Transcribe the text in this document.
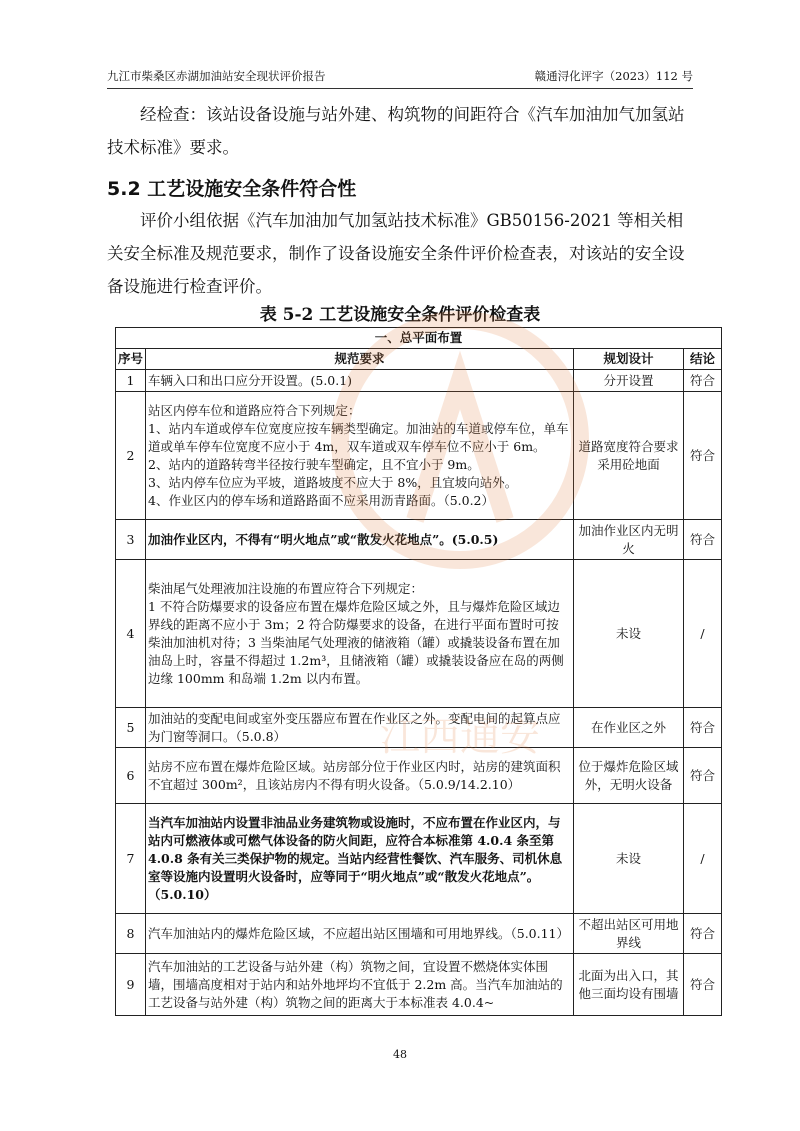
九江市柴桑区赤湖加油站安全现状评价报告	赣通浔化评字（2023）112 号
经检查：该站设备设施与站外建、构筑物的间距符合《汽车加油加气加氢站技术标准》要求。
5.2 工艺设施安全条件符合性
评价小组依据《汽车加油加气加氢站技术标准》GB50156-2021 等相关相关安全标准及规范要求，制作了设备设施安全条件评价检查表，对该站的安全设备设施进行检查评价。
表 5-2 工艺设施安全条件评价检查表
一、总平面布置			
序号	规范要求	规划设计	结论
1	车辆入口和出口应分开设置。(5.0.1)	分开设置	符合
2	站区内停车位和道路应符合下列规定：
1、站内车道或停车位宽度应按车辆类型确定。加油站的车道或停车位，单车道或单车停车位宽度不应小于 4m，双车道或双车停车位不应小于 6m。
2、站内的道路转弯半径按行驶车型确定，且不宜小于 9m。
3、站内停车位应为平坡，道路坡度不应大于 8%，且宜坡向站外。
4、作业区内的停车场和道路路面不应采用沥青路面。（5.0.2）	道路宽度符合要求采用砼地面	符合
3	加油作业区内，不得有“明火地点”或“散发火花地点”。(5.0.5)	加油作业区内无明火	符合
4	柴油尾气处理液加注设施的布置应符合下列规定：
1 不符合防爆要求的设备应布置在爆炸危险区域之外，且与爆炸危险区域边界线的距离不应小于 3m；2 符合防爆要求的设备，在进行平面布置时可按柴油加油机对待；3 当柴油尾气处理液的储液箱（罐）或撬装设备布置在加油岛上时，容量不得超过 1.2m³，且储液箱（罐）或撬装设备应在岛的两侧边缘 100mm 和岛端 1.2m 以内布置。	未设	/
5	加油站的变配电间或室外变压器应布置在作业区之外。变配电间的起算点应为门窗等洞口。（5.0.8）	在作业区之外	符合
6	站房不应布置在爆炸危险区域。站房部分位于作业区内时，站房的建筑面积不宜超过 300m²，且该站房内不得有明火设备。（5.0.9/14.2.10）	位于爆炸危险区域外，无明火设备	符合
7	当汽车加油站内设置非油品业务建筑物或设施时，不应布置在作业区内，与站内可燃液体或可燃气体设备的防火间距，应符合本标准第 4.0.4 条至第 4.0.8 条有关三类保护物的规定。当站内经营性餐饮、汽车服务、司机休息室等设施内设置明火设备时，应等同于“明火地点”或“散发火花地点”。（5.0.10）	未设	/
8	汽车加油站内的爆炸危险区域，不应超出站区围墙和可用地界线。（5.0.11）	不超出站区可用地界线	符合
9	汽车加油站的工艺设备与站外建（构）筑物之间，宜设置不燃烧体实体围墙，围墙高度相对于站内和站外地坪均不宜低于 2.2m 高。当汽车加油站的工艺设备与站外建（构）筑物之间的距离大于本标准表 4.0.4~	北面为出入口，其他三面均设有围墙	符合
江西通安
48
